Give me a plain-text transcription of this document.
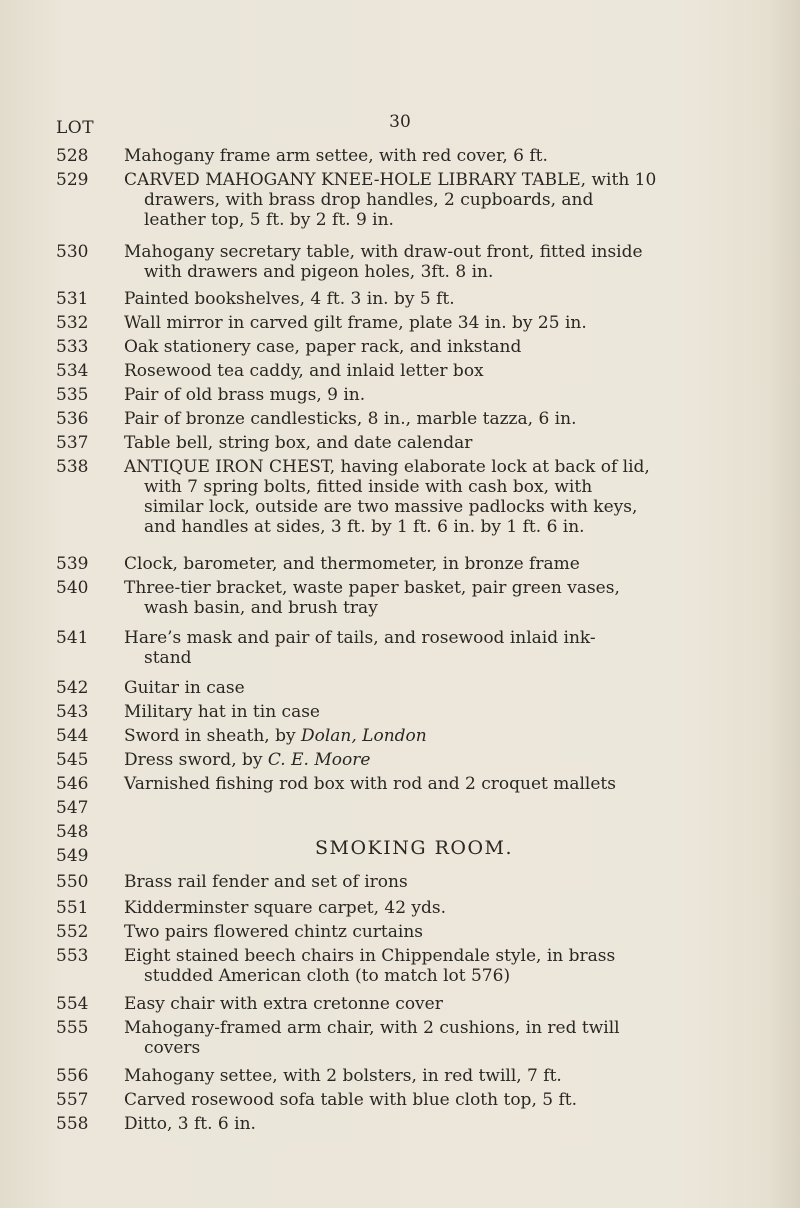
30
LOT
SMOKING ROOM.
528	Mahogany frame arm settee, with red cover, 6 ft.
529	CARVED MAHOGANY KNEE-HOLE LIBRARY TABLE, with 10
drawers, with brass drop handles, 2 cupboards, and
leather top, 5 ft. by 2 ft. 9 in.
530	Mahogany secretary table, with draw-out front, fitted inside
with drawers and pigeon holes, 3ft. 8 in.
531	Painted bookshelves, 4 ft. 3 in. by 5 ft.
532	Wall mirror in carved gilt frame, plate 34 in. by 25 in.
533	Oak stationery case, paper rack, and inkstand
534	Rosewood tea caddy, and inlaid letter box
535	Pair of old brass mugs, 9 in.
536	Pair of bronze candlesticks, 8 in., marble tazza, 6 in.
537	Table bell, string box, and date calendar
538	ANTIQUE IRON CHEST, having elaborate lock at back of lid,
with 7 spring bolts, fitted inside with cash box, with
similar lock, outside are two massive padlocks with keys,
and handles at sides, 3 ft. by 1 ft. 6 in. by 1 ft. 6 in.
539	Clock, barometer, and thermometer, in bronze frame
540	Three-tier bracket, waste paper basket, pair green vases,
wash basin, and brush tray
541	Hare’s mask and pair of tails, and rosewood inlaid ink-
stand
542	Guitar in case
543	Military hat in tin case
544	Sword in sheath, by Dolan, London
545	Dress sword, by C. E. Moore
546	Varnished fishing rod box with rod and 2 croquet mallets
547
548
549
550	Brass rail fender and set of irons
551	Kidderminster square carpet, 42 yds.
552	Two pairs flowered chintz curtains
553	Eight stained beech chairs in Chippendale style, in brass
studded American cloth (to match lot 576)
554	Easy chair with extra cretonne cover
555	Mahogany-framed arm chair, with 2 cushions, in red twill
covers
556	Mahogany settee, with 2 bolsters, in red twill, 7 ft.
557	Carved rosewood sofa table with blue cloth top, 5 ft.
558	Ditto, 3 ft. 6 in.
